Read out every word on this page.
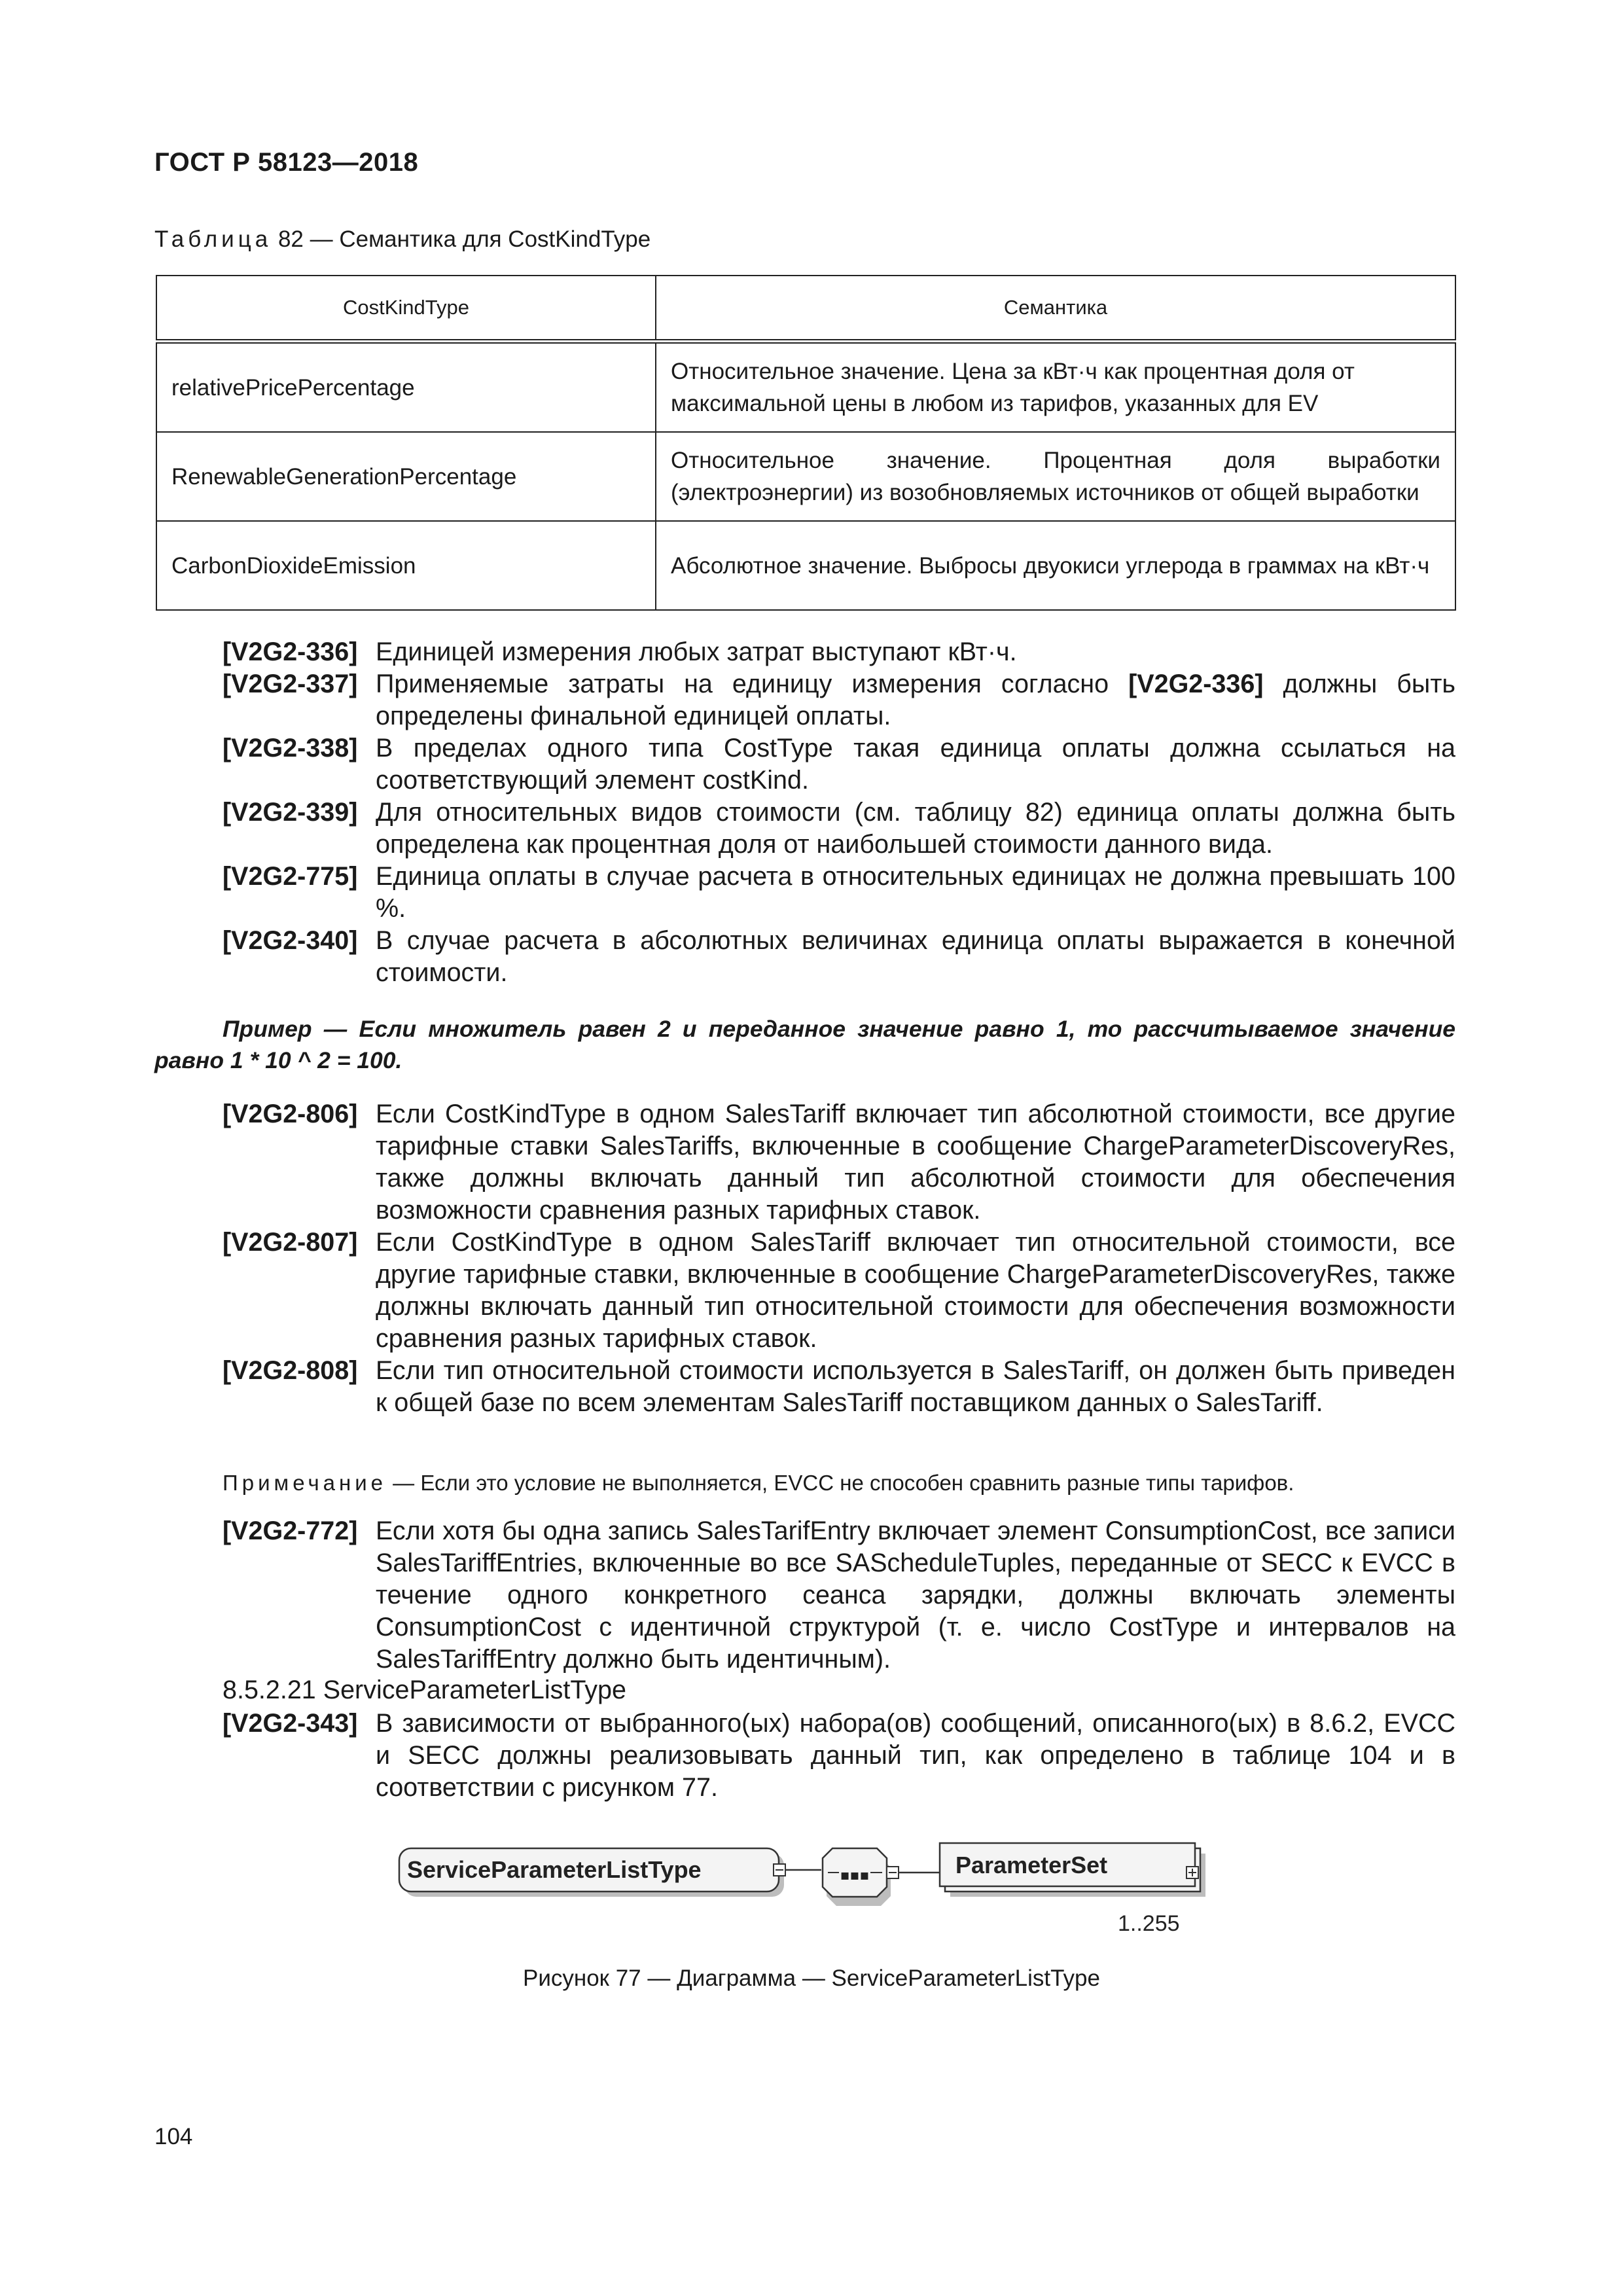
ГОСТ Р 58123—2018
Таблица 82 — Семантика для CostKindType
CostKindType	Семантика
relativePricePercentage	Относительное значение. Цена за кВт·ч как процентная доля от максимальной цены в любом из тарифов, указанных для EV
RenewableGenerationPercentage	Относительное значение. Процентная доля выработки (электроэнергии) из возобновляемых источников от общей выработки
CarbonDioxideEmission	Абсолютное значение. Выбросы двуокиси углерода в граммах на кВт·ч
[V2G2-336] Единицей измерения любых затрат выступают кВт·ч.
[V2G2-337] Применяемые затраты на единицу измерения согласно [V2G2-336] должны быть определены финальной единицей оплаты.
[V2G2-338] В пределах одного типа CostType такая единица оплаты должна ссылаться на соответствующий элемент costKind.
[V2G2-339] Для относительных видов стоимости (см. таблицу 82) единица оплаты должна быть определена как процентная доля от наибольшей стоимости данного вида.
[V2G2-775] Единица оплаты в случае расчета в относительных единицах не должна превышать 100 %.
[V2G2-340] В случае расчета в абсолютных величинах единица оплаты выражается в конечной стоимости.
Пример — Если множитель равен 2 и переданное значение равно 1, то рассчитываемое значение равно 1 * 10 ^ 2 = 100.
[V2G2-806] Если CostKindType в одном SalesTariff включает тип абсолютной стоимости, все другие тарифные ставки SalesTariffs, включенные в сообщение ChargeParameterDiscoveryRes, также должны включать данный тип абсолютной стоимости для обеспечения возможности сравнения разных тарифных ставок.
[V2G2-807] Если CostKindType в одном SalesTariff включает тип относительной стоимости, все другие тарифные ставки, включенные в сообщение ChargeParameterDiscoveryRes, также должны включать данный тип относительной стоимости для обеспечения возможности сравнения разных тарифных ставок.
[V2G2-808] Если тип относительной стоимости используется в SalesTariff, он должен быть приведен к общей базе по всем элементам SalesTariff поставщиком данных о SalesTariff.
Примечание — Если это условие не выполняется, EVCC не способен сравнить разные типы тарифов.
[V2G2-772] Если хотя бы одна запись SalesTarifEntry включает элемент ConsumptionCost, все записи SalesTariffEntries, включенные во все SAScheduleTuples, переданные от SECC к EVCC в течение одного конкретного сеанса зарядки, должны включать элементы ConsumptionCost с идентичной структурой (т. е. число CostType и интервалов на SalesTariffEntry должно быть идентичным).
8.5.2.21 ServiceParameterListType
[V2G2-343] В зависимости от выбранного(ых) набора(ов) сообщений, описанного(ых) в 8.6.2, EVCC и SECC должны реализовывать данный тип, как определено в таблице 104 и в соответствии с рисунком 77.
ServiceParameterListType	▪▪▪	ParameterSet
1..255
Рисунок 77 — Диаграмма — ServiceParameterListType
104
